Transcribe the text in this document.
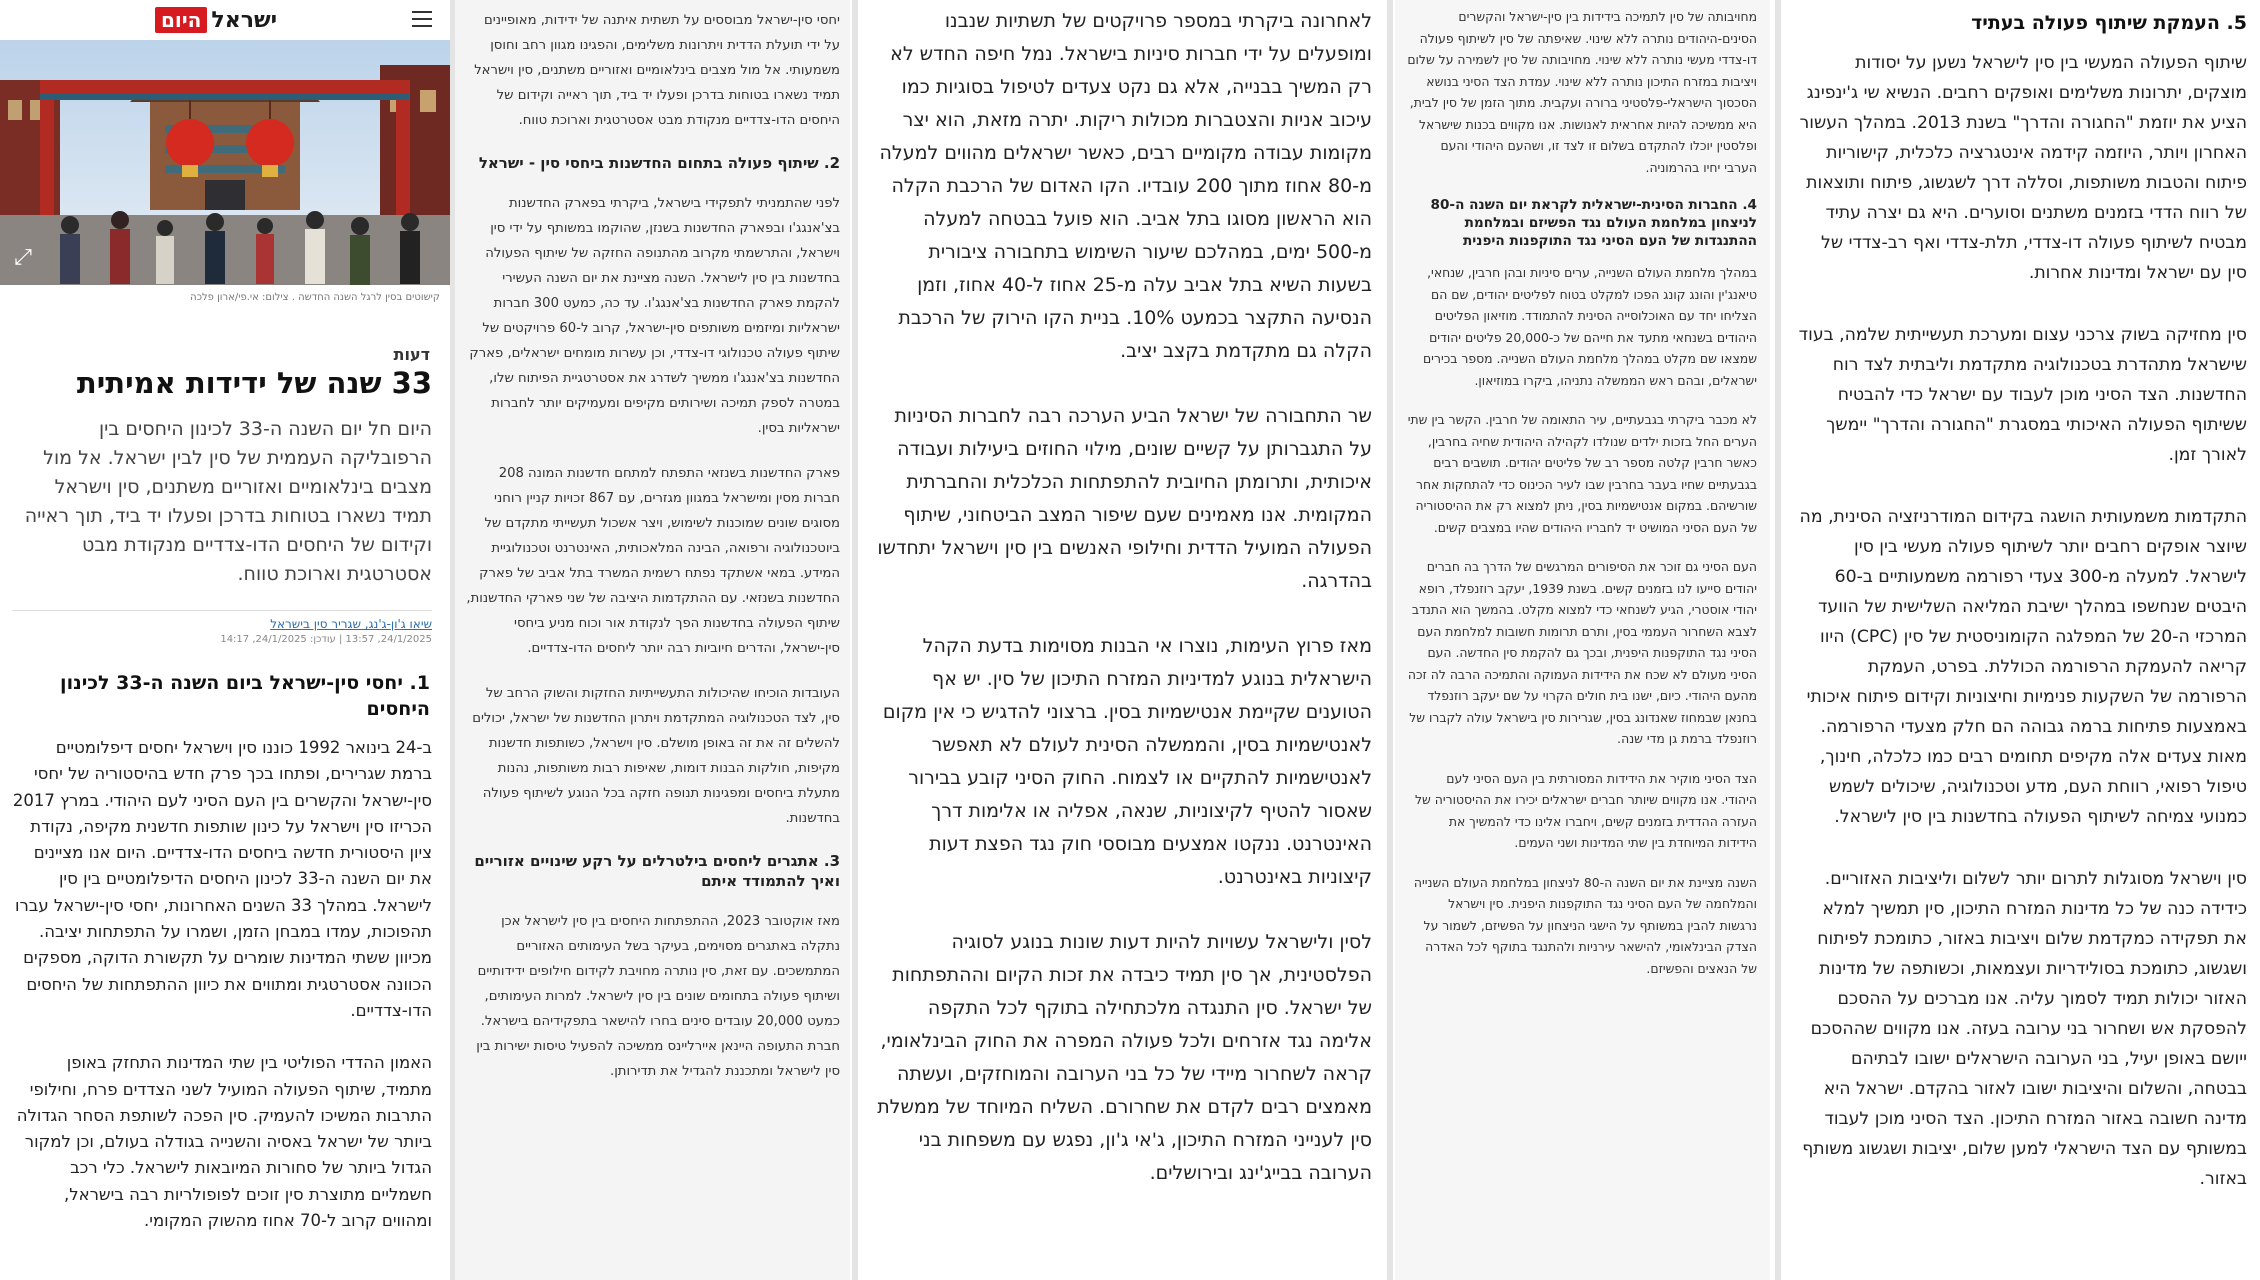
היום ישראל
⤢
קישוטים בסין לרגל השנה החדשה . צילום: אי.פי/ארון פלכה
דעות
33 שנה של ידידות אמיתית
היום חל יום השנה ה-33 לכינון היחסים בין הרפובליקה העממית של סין לבין ישראל. אל מול מצבים בינלאומיים ואזוריים משתנים, סין וישראל תמיד נשארו בטוחות בדרכן ופעלו יד ביד, תוך ראייה וקידום של היחסים הדו-צדדיים מנקודת מבט אסטרטגית וארוכת טווח.
שיאו ג'ון-ג'נג, שגריר סין בישראל
24/1/2025, 13:57 | עודכן: 24/1/2025, 14:17
1. יחסי סין-ישראל ביום השנה ה-33 לכינון היחסים

ב-24 בינואר 1992 כוננו סין וישראל יחסים דיפלומטיים ברמת שגרירים, ופתחו בכך פרק חדש בהיסטוריה של יחסי סין-ישראל והקשרים בין העם הסיני לעם היהודי. במרץ 2017 הכריזו סין וישראל על כינון שותפות חדשנית מקיפה, נקודת ציון היסטורית חדשה ביחסים הדו-צדדיים. היום אנו מציינים את יום השנה ה-33 לכינון היחסים הדיפלומטיים בין סין לישראל. במהלך 33 השנים האחרונות, יחסי סין-ישראל עברו תהפוכות, עמדו במבחן הזמן, ושמרו על התפתחות יציבה. מכיוון ששתי המדינות שומרים על תקשורת הדוקה, מספקים הכוונה אסטרטגית ומתווים את כיוון ההתפתחות של היחסים הדו-צדדיים.

האמון ההדדי הפוליטי בין שתי המדינות התחזק באופן מתמיד, שיתוף הפעולה המועיל לשני הצדדים פרח, וחילופי התרבות המשיכו להעמיק. סין הפכה לשותפת הסחר הגדולה ביותר של ישראל באסיה והשנייה בגודלה בעולם, וכן למקור הגדול ביותר של סחורות המיובאות לישראל. כלי רכב חשמליים מתוצרת סין זוכים לפופולריות רבה בישראל, ומהווים קרוב ל-70 אחוז מהשוק המקומי.

יחסי סין-ישראל מבוססים על תשתית איתנה של ידידות, מאופיינים על ידי תועלת הדדית ויתרונות משלימים, והפגינו מגוון רחב וחוסן משמעותי. אל מול מצבים בינלאומיים ואזוריים משתנים, סין וישראל תמיד נשארו בטוחות בדרכן ופעלו יד ביד, תוך ראייה וקידום של היחסים הדו-צדדיים מנקודת מבט אסטרטגית וארוכת טווח.

2. שיתוף פעולה בתחום החדשנות ביחסי סין - ישראל

לפני שהתמניתי לתפקידי בישראל, ביקרתי בפארק החדשנות בצ'אנגג'ו ובפארק החדשנות בשנזן, שהוקמו במשותף על ידי סין וישראל, והתרשמתי מקרוב מהתנופה החזקה של שיתוף הפעולה בחדשנות בין סין לישראל. השנה מציינת את יום השנה העשירי להקמת פארק החדשנות בצ'אנגג'ו. עד כה, כמעט 300 חברות ישראליות ומיזמים משותפים סין-ישראל, קרוב ל-60 פרויקטים של שיתוף פעולה טכנולוגי דו-צדדי, וכן עשרות מומחים ישראלים, פארק החדשנות בצ'אנגג'ו ממשיך לשדרג את אסטרטגיית הפיתוח שלו, במטרה לספק תמיכה ושירותים מקיפים ומעמיקים יותר לחברות ישראליות בסין.

פארק החדשנות בשנזאי התפתח למתחם חדשנות המונה 208 חברות מסין ומישראל במגוון מגזרים, עם 867 זכויות קניין רוחני מסוגים שונים שמוכנות לשימוש, ויצר אשכול תעשייתי מתקדם של ביוטכנולוגיה ורפואה, הבינה המלאכותית, האינטרנט וטכנולוגיית המידע. במאי אשתקד נפתח רשמית המשרד בתל אביב של פארק החדשנות בשנזאי. עם ההתקדמות היציבה של שני פארקי החדשנות, שיתוף הפעולה בחדשנות הפך לנקודת אור וכוח מניע ביחסי סין-ישראל, והדרים חיוביות רבה יותר ליחסים הדו-צדדיים.

העובדות הוכיחו שהיכולות התעשייתיות החזקות והשוק הרחב של סין, לצד הטכנולוגיה המתקדמת ויתרון החדשנות של ישראל, יכולים להשלים זה את זה באופן מושלם. סין וישראל, כשותפות חדשנות מקיפות, חולקות הבנות דומות, שאיפות רבות משותפות, נהנות מתעלת ביחסים ומפגינות תנופה חזקה בכל הנוגע לשיתוף פעולה בחדשנות.

3. אתגרים ליחסים בילטרלים על רקע שינויים אזוריים ואיך להתמודד איתם

מאז אוקטובר 2023, ההתפתחות היחסים בין סין לישראל אכן נתקלה באתגרים מסוימים, בעיקר בשל העימותים האזוריים המתמשכים. עם זאת, סין נותרה מחויבת לקידום חילופים ידידותיים ושיתוף פעולה בתחומים שונים בין סין לישראל. למרות העימותים, כמעט 20,000 עובדים סינים בחרו להישאר בתפקידיהם בישראל. חברת התעופה היינאן איירליינס ממשיכה להפעיל טיסות ישירות בין סין לישראל ומתכננת להגדיל את תדירותן.

לאחרונה ביקרתי במספר פרויקטים של תשתיות שנבנו ומופעלים על ידי חברות סיניות בישראל. נמל חיפה החדש לא רק המשיך בבנייה, אלא גם נקט צעדים לטיפול בסוגיות כמו עיכוב אניות והצטברות מכולות ריקות. יתרה מזאת, הוא יצר מקומות עבודה מקומיים רבים, כאשר ישראלים מהווים למעלה מ-80 אחוז מתוך 200 עובדיו. הקו האדום של הרכבת הקלה הוא הראשון מסוגו בתל אביב. הוא פועל בבטחה למעלה מ-500 ימים, במהלכם שיעור השימוש בתחבורה ציבורית בשעות השיא בתל אביב עלה מ-25 אחוז ל-40 אחוז, וזמן הנסיעה התקצר בכמעט 10%. בניית הקו הירוק של הרכבת הקלה גם מתקדמת בקצב יציב.

שר התחבורה של ישראל הביע הערכה רבה לחברות הסיניות על התגברותן על קשיים שונים, מילוי החוזים ביעילות ועבודה איכותית, ותרומתן החיובית להתפתחות הכלכלית והחברתית המקומית. אנו מאמינים שעם שיפור המצב הביטחוני, שיתוף הפעולה המועיל הדדית וחילופי האנשים בין סין וישראל יתחדשו בהדרגה.

מאז פרוץ העימות, נוצרו אי הבנות מסוימות בדעת הקהל הישראלית בנוגע למדיניות המזרח התיכון של סין. יש אף הטוענים שקיימת אנטישמיות בסין. ברצוני להדגיש כי אין מקום לאנטישמיות בסין, והממשלה הסינית לעולם לא תאפשר לאנטישמיות להתקיים או לצמוח. החוק הסיני קובע בבירור שאסור להטיף לקיצוניות, שנאה, אפליה או אלימות דרך האינטרנט. ננקטו אמצעים מבוססי חוק נגד הפצת דעות קיצוניות באינטרנט.

לסין ולישראל עשויות להיות דעות שונות בנוגע לסוגיה הפלסטינית, אך סין תמיד כיבדה את זכות הקיום וההתפתחות של ישראל. סין התנגדה מלכתחילה בתוקף לכל התקפה אלימה נגד אזרחים ולכל פעולה המפרה את החוק הבינלאומי, קראה לשחרור מיידי של כל בני הערובה והמוחזקים, ועשתה מאמצים רבים לקדם את שחרורם. השליח המיוחד של ממשלת סין לענייני המזרח התיכון, ג'אי ג'ון, נפגש עם משפחות בני הערובה בבייג'ינג ובירושלים.

מחויבותה של סין לתמיכה בידידות בין סין-ישראל והקשרים הסינים-היהודים נותרה ללא שינוי. שאיפתה של סין לשיתוף פעולה דו-צדדי מעשי נותרה ללא שינוי. מחויבותה של סין לשמירה על שלום ויציבות במזרח התיכון נותרה ללא שינוי. עמדת הצד הסיני בנושא הסכסוך הישראלי-פלסטיני ברורה ועקבית. מתוך הזמן של סין לבית, היא ממשיכה להיות אחראית לאנושות. אנו מקווים בכנות שישראל ופלסטין יוכלו להתקדם בשלום זו לצד זו, ושהעם היהודי והעם הערבי יחיו בהרמוניה.

4. החברות הסינית-ישראלית לקראת יום השנה ה-80 לניצחון במלחמת העולם נגד הפשיזם ובמלחמת ההתנגדות של העם הסיני נגד התוקפנות היפנית

במהלך מלחמת העולם השנייה, ערים סיניות ובהן חרבין, שנחאי, טיאנג'ין והונג קונג הפכו למקלט בטוח לפליטים יהודים, שם הם הצליחו יחד עם האוכלוסייה הסינית להתמודד. מוזיאון הפליטים היהודים בשנחאי מתעד את חייהם של כ-20,000 פליטים יהודים שמצאו שם מקלט במהלך מלחמת העולם השנייה. מספר בכירים ישראלים, ובהם ראש הממשלה נתניהו, ביקרו במוזיאון.

לא מכבר ביקרתי בגבעתיים, עיר התאומה של חרבין. הקשר בין שתי הערים החל בזכות ילדים שנולדו לקהילה היהודית שחיה בחרבין, כאשר חרבין קלטה מספר רב של פליטים יהודים. תושבים רבים בגבעתיים שחיו בעבר בחרבין שבו לעיר הכינוס כדי להתחקות אחר שורשיהם. במקום אנטישמיות בסין, ניתן למצוא רק את ההיסטוריה של העם הסיני המושיט יד לחבריו היהודים שהיו במצבים קשים.

העם הסיני גם זוכר את הסיפורים המרגשים של הדרך בה חברים יהודים סייעו לנו בזמנים קשים. בשנת 1939, יעקב רוזנפלד, רופא יהודי אוסטרי, הגיע לשנחאי כדי למצוא מקלט. בהמשך הוא התנדב לצבא השחרור העממי בסין, ותרם תרומות חשובות למלחמת העם הסיני נגד התוקפנות היפנית, ובכך גם להקמת סין החדשה. העם הסיני מעולם לא שכח את הידידות העמוקה והתמיכה הרבה לה זכה מהעם היהודי. כיום, ישנו בית חולים הקרוי על שם יעקב רוזנפלד בחנאן שבמחוז שאנדונג בסין, שגרירות סין בישראל עולה לקברו של רוזנפלד ברמת גן מדי שנה.

הצד הסיני מוקיר את הידידות המסורתית בין העם הסיני לעם היהודי. אנו מקווים שיותר חברים ישראלים יכירו את ההיסטוריה של העזרה ההדדית בזמנים קשים, ויחברו אלינו כדי להמשיך את הידידות המיוחדת בין שתי המדינות ושני העמים.

השנה מציינת את יום השנה ה-80 לניצחון במלחמת העולם השנייה והמלחמה של העם הסיני נגד התוקפנות היפנית. סין וישראל נרגשות להבין במשותף על הישגי הניצחון על הפשיזם, לשמור על הצדק הבינלאומי, להישאר עירניות ולהתנגד בתוקף לכל האדרה של הנאצים והפשיזם.

5. העמקת שיתוף פעולה בעתיד

שיתוף הפעולה המעשי בין סין לישראל נשען על יסודות מוצקים, יתרונות משלימים ואופקים רחבים. הנשיא שי ג'ינפינג הציע את יוזמת "החגורה והדרך" בשנת 2013. במהלך העשור האחרון ויותר, היוזמה קידמה אינטגרציה כלכלית, קישוריות פיתוח והטבות משותפות, וסללה דרך לשגשוג, פיתוח ותוצאות של רווח הדדי בזמנים משתנים וסוערים. היא גם יצרה עתיד מבטיח לשיתוף פעולה דו-צדדי, תלת-צדדי ואף רב-צדדי של סין עם ישראל ומדינות אחרות.

סין מחזיקה בשוק צרכני עצום ומערכת תעשייתית שלמה, בעוד שישראל מתהדרת בטכנולוגיה מתקדמת וליבתית לצד רוח החדשנות. הצד הסיני מוכן לעבוד עם ישראל כדי להבטיח ששיתוף הפעולה האיכותי במסגרת "החגורה והדרך" יימשך לאורך זמן.

התקדמות משמעותית הושגה בקידום המודרניזציה הסינית, מה שיוצר אופקים רחבים יותר לשיתוף פעולה מעשי בין סין לישראל. למעלה מ-300 צעדי רפורמה משמעותיים ב-60 היבטים שנחשפו במהלך ישיבת המליאה השלישית של הוועד המרכזי ה-20 של המפלגה הקומוניסטית של סין (CPC) היוו קריאה להעמקת הרפורמה הכוללת. בפרט, העמקת הרפורמה של השקעות פנימיות וחיצוניות וקידום פיתוח איכותי באמצעות פתיחות ברמה גבוהה הם חלק מצעדי הרפורמה. מאות צעדים אלה מקיפים תחומים רבים כמו כלכלה, חינוך, טיפול רפואי, רווחת העם, מדע וטכנולוגיה, שיכולים לשמש כמנועי צמיחה לשיתוף הפעולה בחדשנות בין סין לישראל.

סין וישראל מסוגלות לתרום יותר לשלום וליציבות האזוריים. כידידה כנה של כל מדינות המזרח התיכון, סין תמשיך למלא את תפקידה כמקדמת שלום ויציבות באזור, כתומכת לפיתוח ושגשוג, כתומכת בסולידריות ועצמאות, וכשותפה של מדינות האזור יכולות תמיד לסמוך עליה. אנו מברכים על ההסכם להפסקת אש ושחרור בני ערובה בעזה. אנו מקווים שההסכם ייושם באופן יעיל, בני הערובה הישראלים ישובו לבתיהם בבטחה, והשלום והיציבות ישובו לאזור בהקדם. ישראל היא מדינה חשובה באזור המזרח התיכון. הצד הסיני מוכן לעבוד במשותף עם הצד הישראלי למען שלום, יציבות ושגשוג משותף באזור.
